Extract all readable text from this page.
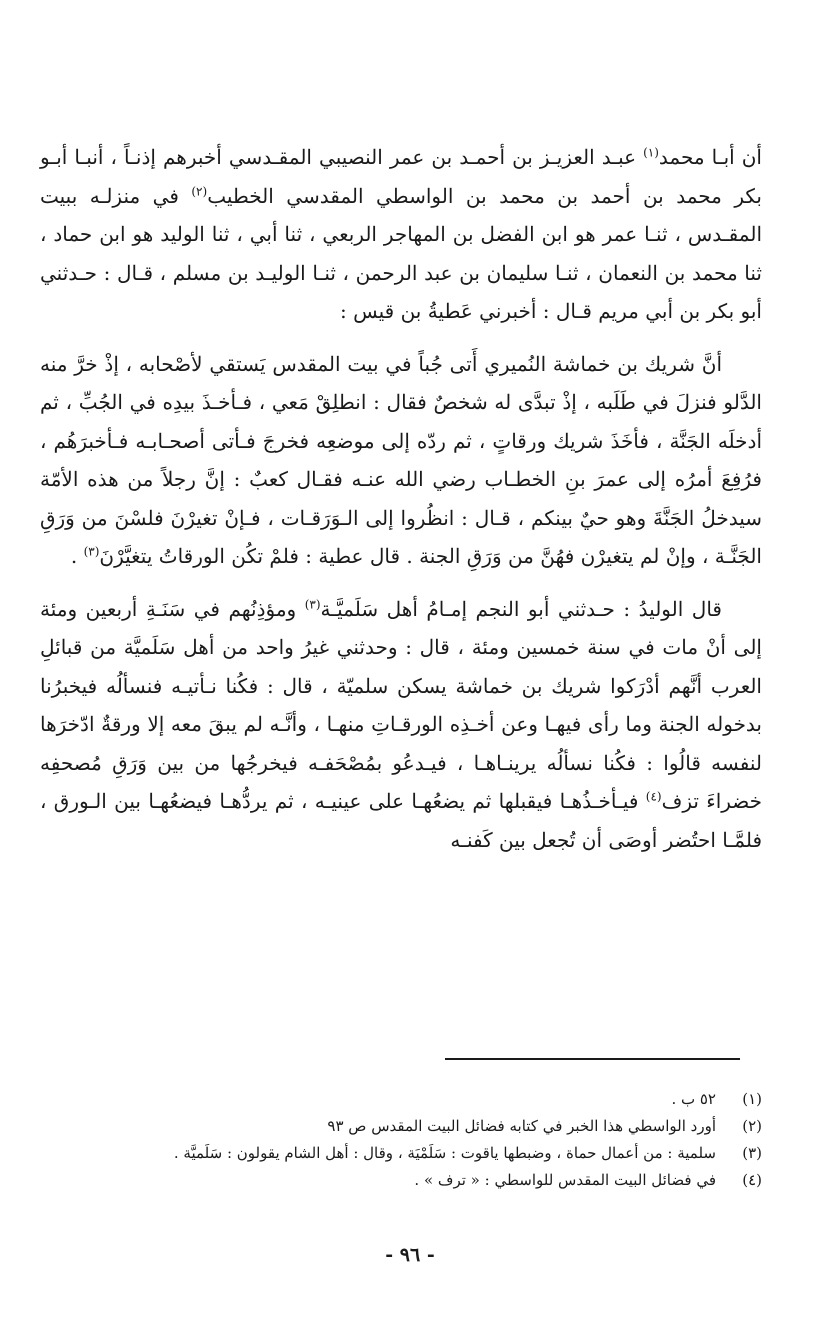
أن أبـا محمد$^{(١)}$ عبـد العزيـز بن أحمـد بن عمر النصيبي المقـدسي أخبرهم إذنـاً ، أنبـا أبـو بكر محمد بن أحمد بن محمد بن الواسطي المقدسي الخطيب$^{(٢)}$ في منزلـه ببيت المقـدس ، ثنـا عمر هو ابن الفضل بن المهاجر الربعي ، ثنا أبي ، ثنا الوليد هو ابن حماد ، ثنا محمد بن النعمان ، ثنـا سليمان بن عبد الرحمن ، ثنـا الوليـد بن مسلم ، قـال : حـدثني أبو بكر بن أبي مريم قـال : أخبرني عَطيةُ بن قيس :

أنَّ شريك بن خماشة النُميري أَتى جُباً في بيت المقدس يَستقي لأصْحابه ، إذْ خرَّ منه الدَّلو فنزلَ في طَلَبه ، إذْ تبدَّى له شخصٌ فقال : انطلِقْ مَعي ، فـأخـذَ بيدِه في الجُبِّ ، ثم أدخلَه الجَنَّة ، فأخَذَ شريك ورقاتٍ ، ثم ردّه إلى موضعِه فخرجَ فـأتى أصحـابـه فـأخبرَهُم ، فرُفِعَ أمرُه إلى عمرَ بنِ الخطـاب رضي الله عنـه فقـال كعبٌ : إنَّ رجلاً من هذه الأمّة سيدخلُ الجَنَّةَ وهو حيٌ بينكم ، قـال : انظُروا إلى الـوَرَقـات ، فـإنْ تغيرْنَ فلسْنَ من وَرَقِ الجَنَّـة ، وإنْ لم يتغيرْن فهُنَّ من وَرَقِ الجنة . قال عطية : فلمْ تكُن الورقاتُ يتغيَّرْنَ$^{(٣)}$ .

قال الوليدُ : حـدثني أبو النجم إمـامُ أهل سَلَميَّـة$^{(٣)}$ ومؤذِنُهم في سَنَـةِ أربعين ومئة إلى أنْ مات في سنة خمسين ومئة ، قال : وحدثني غيرُ واحد من أهل سَلَميَّة من قبائلِ العرب أنَّهم أدْرَكوا شريك بن خماشة يسكن سلميّة ، قال : فكُنا نـأتيـه فنسألُه فيخبرُنا بدخوله الجنة وما رأى فيهـا وعن أخـذِه الورقـاتِ منهـا ، وأنَّـه لم يبقَ معه إلا ورقةٌ ادّخرَها لنفسه قالُوا : فكُنا نسألُه يرينـاهـا ، فيـدعُو بمُصْحَفـه فيخرجُها من بين وَرَقِ مُصحفِه خضراءَ تزف$^{(٤)}$ فيـأخـذُهـا فيقبلها ثم يضعُهـا على عينيـه ، ثم يردُّهـا فيضعُهـا بين الـورق ، فلمَّـا احتُضر أوصَى أن تُجعل بين كَفنـه

(١)
٥٢ ب .
(٢)
أورد الواسطي هذا الخبر في كتابه فضائل البيت المقدس ص ٩٣
(٣)
سلمية : من أعمال حماة ، وضبطها ياقوت : سَلَمْيَة ، وقال : أهل الشام يقولون : سَلَميَّة .
(٤)
في فضائل البيت المقدس للواسطي : « ترف » .
- ٩٦ -
